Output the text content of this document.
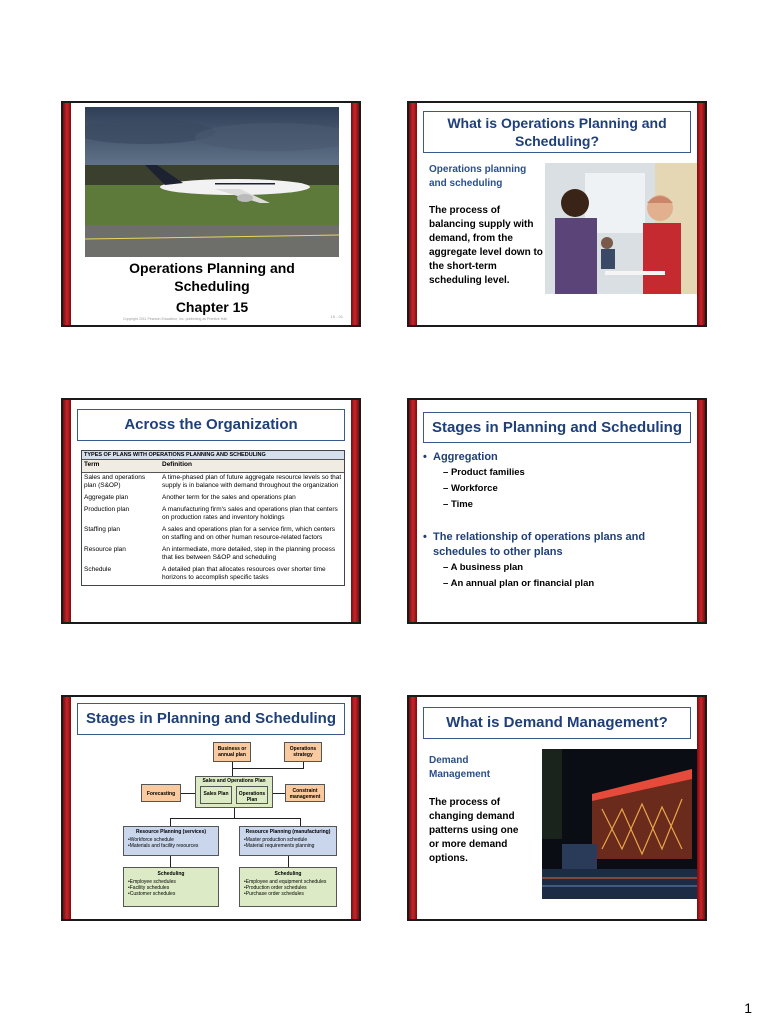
Operations Planning and
Scheduling
Chapter 15
Copyright 2011 Pearson Education, Inc. publishing as Prentice Hall	15 - 01
What is Operations Planning and Scheduling?
Operations planning and scheduling
The process of balancing supply with demand, from the aggregate level down to the short-term scheduling level.
Across the Organization
TYPES OF PLANS WITH OPERATIONS PLANNING AND SCHEDULING
Term	Definition
Sales and operations plan (S&OP)	A time-phased plan of future aggregate resource levels so that supply is in balance with demand throughout the organization
Aggregate plan	Another term for the sales and operations plan
Production plan	A manufacturing firm's sales and operations plan that centers on production rates and inventory holdings
Staffing plan	A sales and operations plan for a service firm, which centers on staffing and on other human resource-related factors
Resource plan	An intermediate, more detailed, step in the planning process that lies between S&OP and scheduling
Schedule	A detailed plan that allocates resources over shorter time horizons to accomplish specific tasks
Stages in Planning and Scheduling
• Aggregation
– Product families
– Workforce
– Time
• The relationship of operations plans and schedules to other plans
– A business plan
– An annual plan or financial plan
Stages in Planning and Scheduling
Business or annual plan
Operations strategy
Sales and Operations Plan
Sales Plan	Operations Plan
Forecasting	Constraint management
Resource Planning (services)
•Workforce schedule
•Materials and facility resources
Resource Planning (manufacturing)
•Master production schedule
•Material requirements planning
Scheduling
•Employee schedules
•Facility schedules
•Customer schedules
Scheduling
•Employee and equipment schedules
•Production order schedules
•Purchase order schedules
What is Demand Management?
Demand Management
The process of changing demand patterns using one or more demand options.
1
